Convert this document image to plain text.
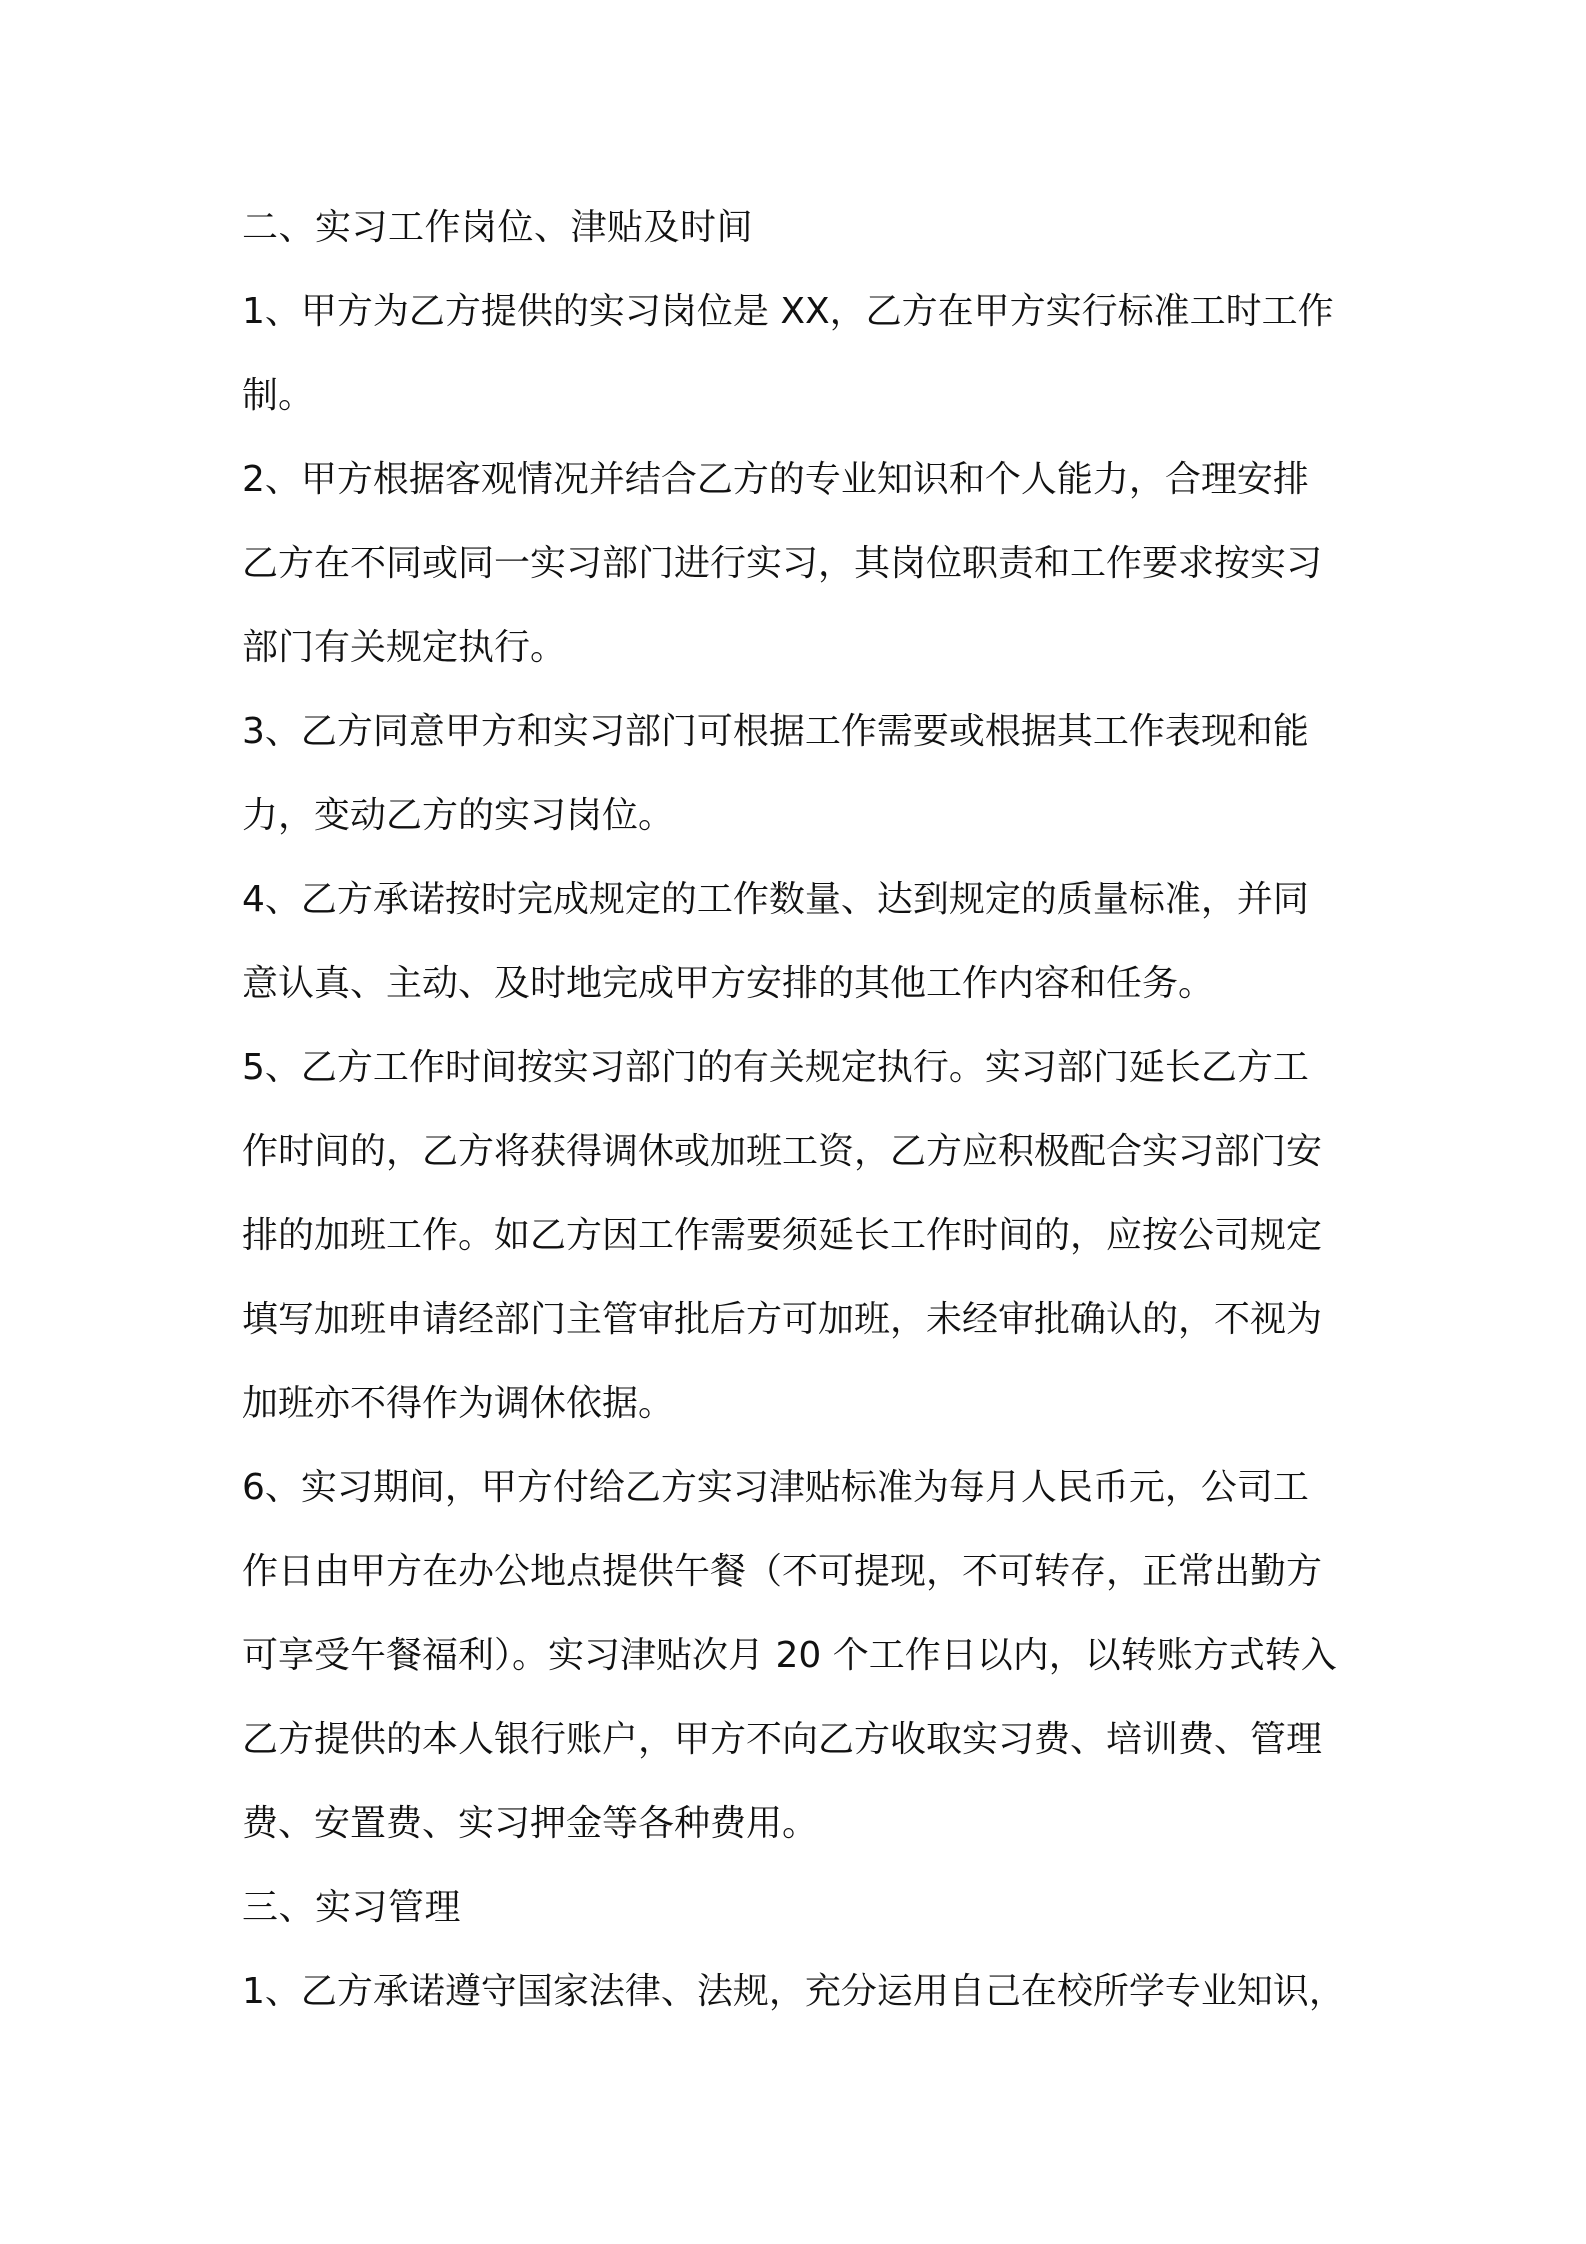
二、实习工作岗位、津贴及时间
1、甲方为乙方提供的实习岗位是 XX，乙方在甲方实行标准工时工作
制。
2、甲方根据客观情况并结合乙方的专业知识和个人能力，合理安排
乙方在不同或同一实习部门进行实习，其岗位职责和工作要求按实习
部门有关规定执行。
3、乙方同意甲方和实习部门可根据工作需要或根据其工作表现和能
力，变动乙方的实习岗位。
4、乙方承诺按时完成规定的工作数量、达到规定的质量标准，并同
意认真、主动、及时地完成甲方安排的其他工作内容和任务。
5、乙方工作时间按实习部门的有关规定执行。实习部门延长乙方工
作时间的，乙方将获得调休或加班工资，乙方应积极配合实习部门安
排的加班工作。如乙方因工作需要须延长工作时间的，应按公司规定
填写加班申请经部门主管审批后方可加班，未经审批确认的，不视为
加班亦不得作为调休依据。
6、实习期间，甲方付给乙方实习津贴标准为每月人民币元，公司工
作日由甲方在办公地点提供午餐（不可提现，不可转存，正常出勤方
可享受午餐福利）。实习津贴次月 20 个工作日以内，以转账方式转入
乙方提供的本人银行账户，甲方不向乙方收取实习费、培训费、管理
费、安置费、实习押金等各种费用。
三、实习管理
1、乙方承诺遵守国家法律、法规，充分运用自己在校所学专业知识，
